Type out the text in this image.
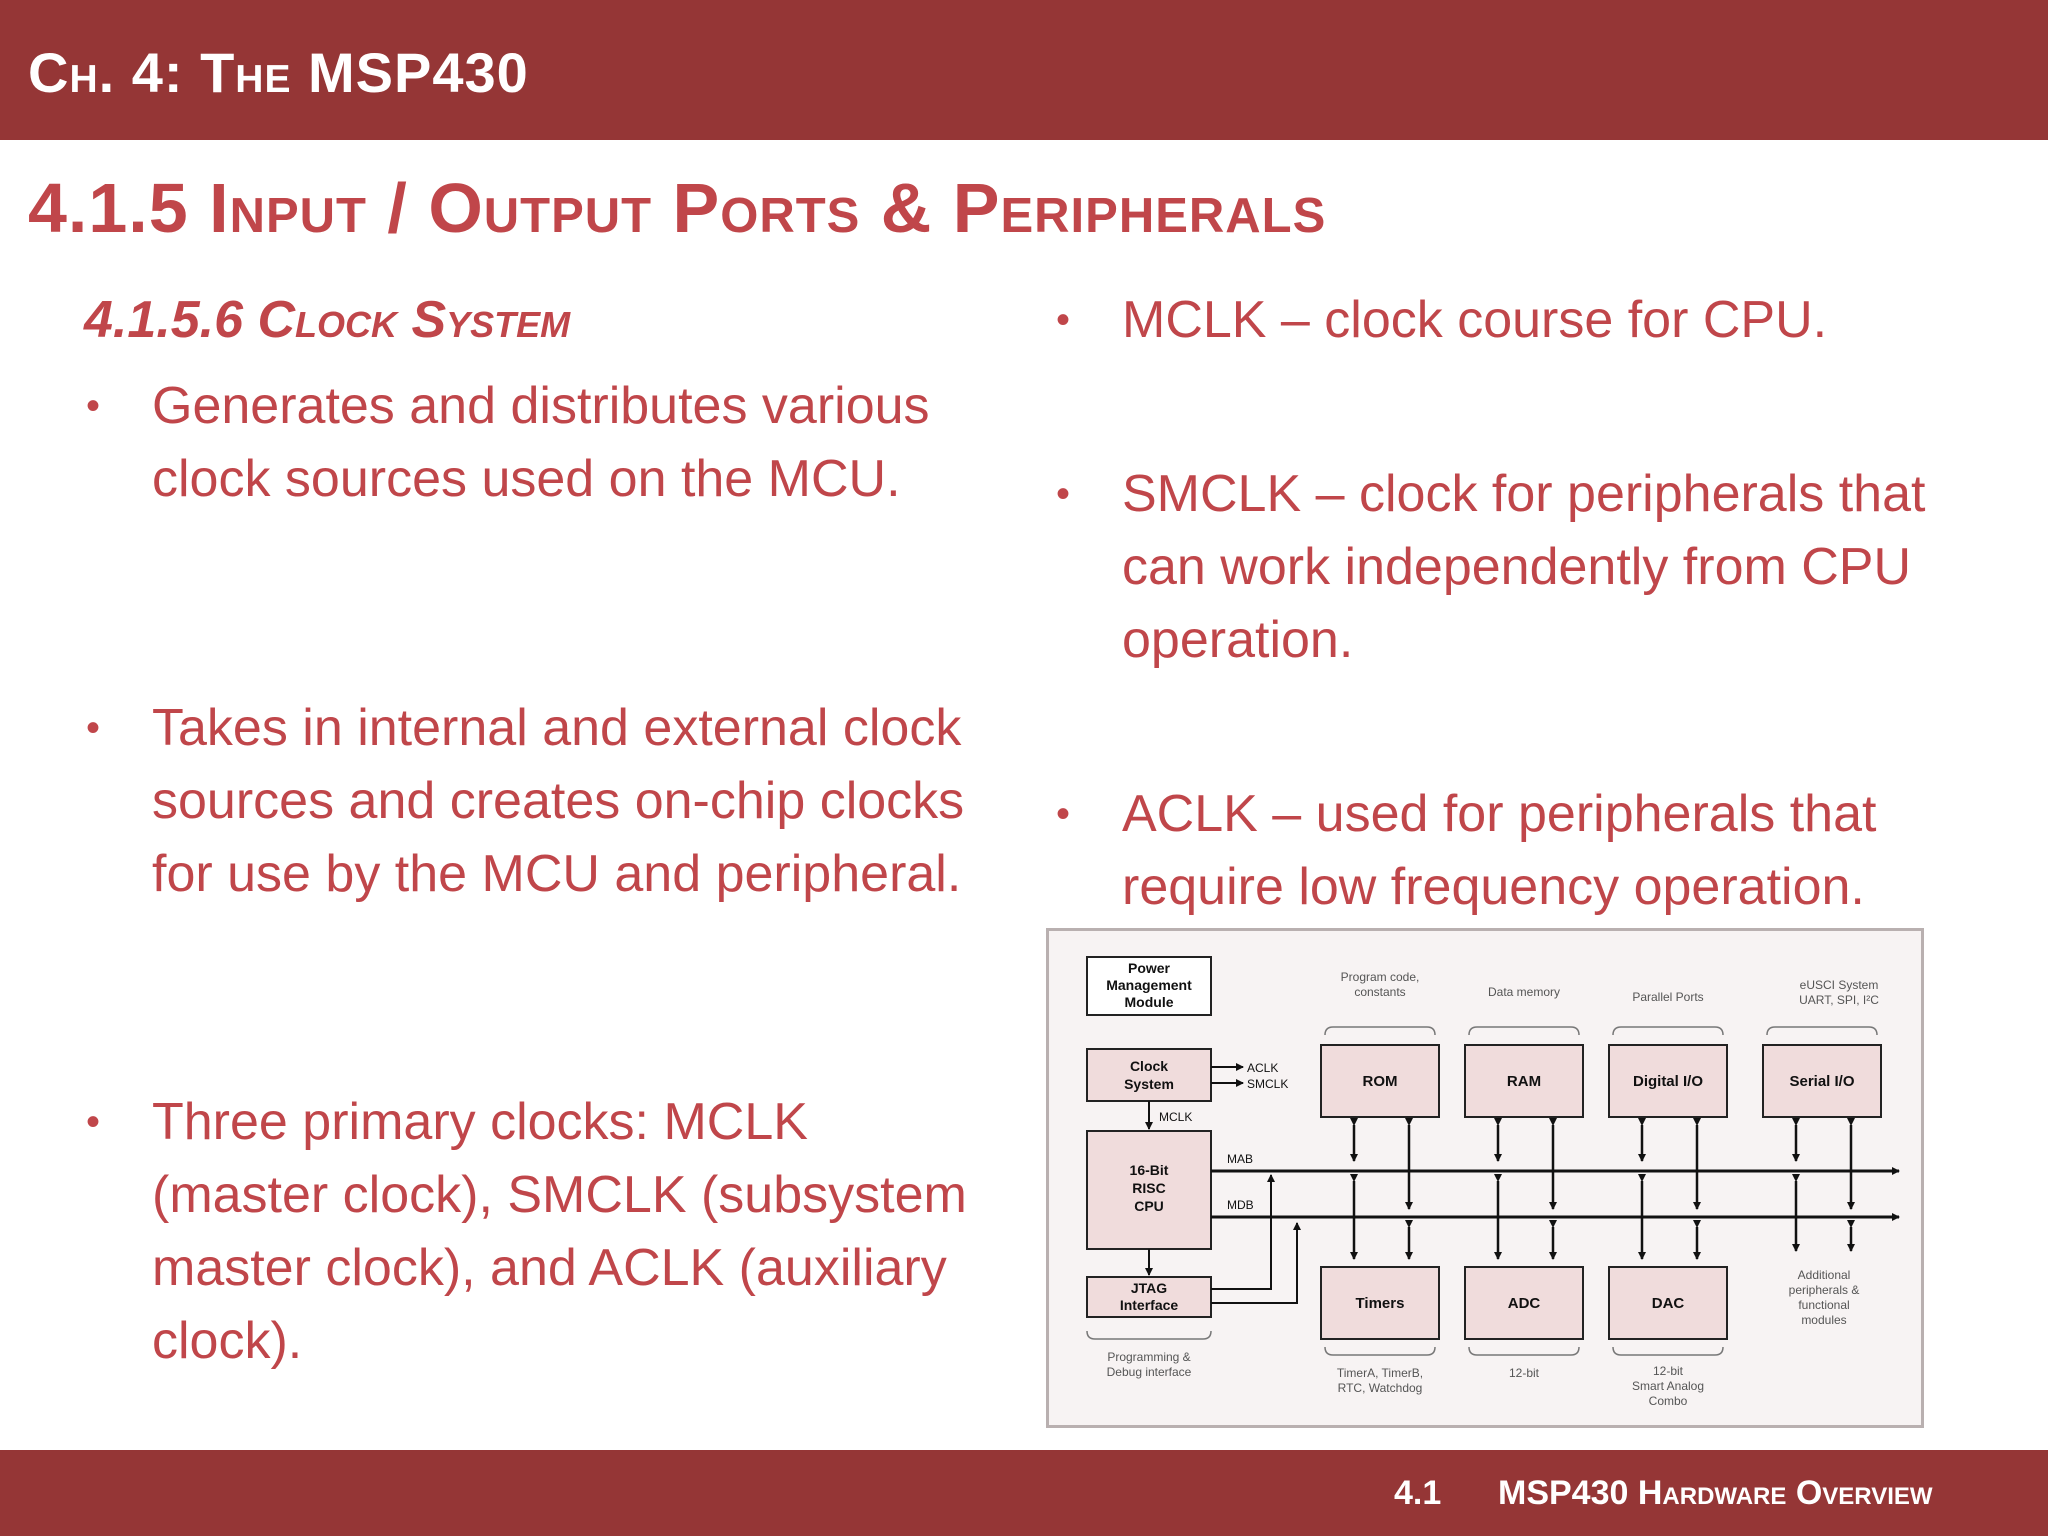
Ch. 4: The MSP430
4.1.5 Input / Output Ports & Peripherals
4.1.5.6 Clock System
• Generates and distributes various clock sources used on the MCU.
• Takes in internal and external clock sources and creates on-chip clocks for use by the MCU and peripheral.
• Three primary clocks: MCLK (master clock), SMCLK (subsystem master clock), and ACLK (auxiliary clock).
• MCLK – clock course for CPU.
• SMCLK – clock for peripherals that can work independently from CPU operation.
• ACLK – used for peripherals that require low frequency operation.
Power
Management
Module
Clock
System
ACLK
SMCLK
MCLK
16-Bit
RISC
CPU
JTAG
Interface
Programming &
Debug interface
MAB
MDB
ROM	RAM	Digital I/O	Serial I/O
Program code,
constants	Data memory	Parallel Ports
eUSCI System
UART, SPI, I²C
Timers	ADC	DAC
TimerA, TimerB,
RTC, Watchdog
12-bit	12-bit
Smart Analog
Combo
Additional
peripherals &
functional
modules
4.1 MSP430 Hardware Overview
